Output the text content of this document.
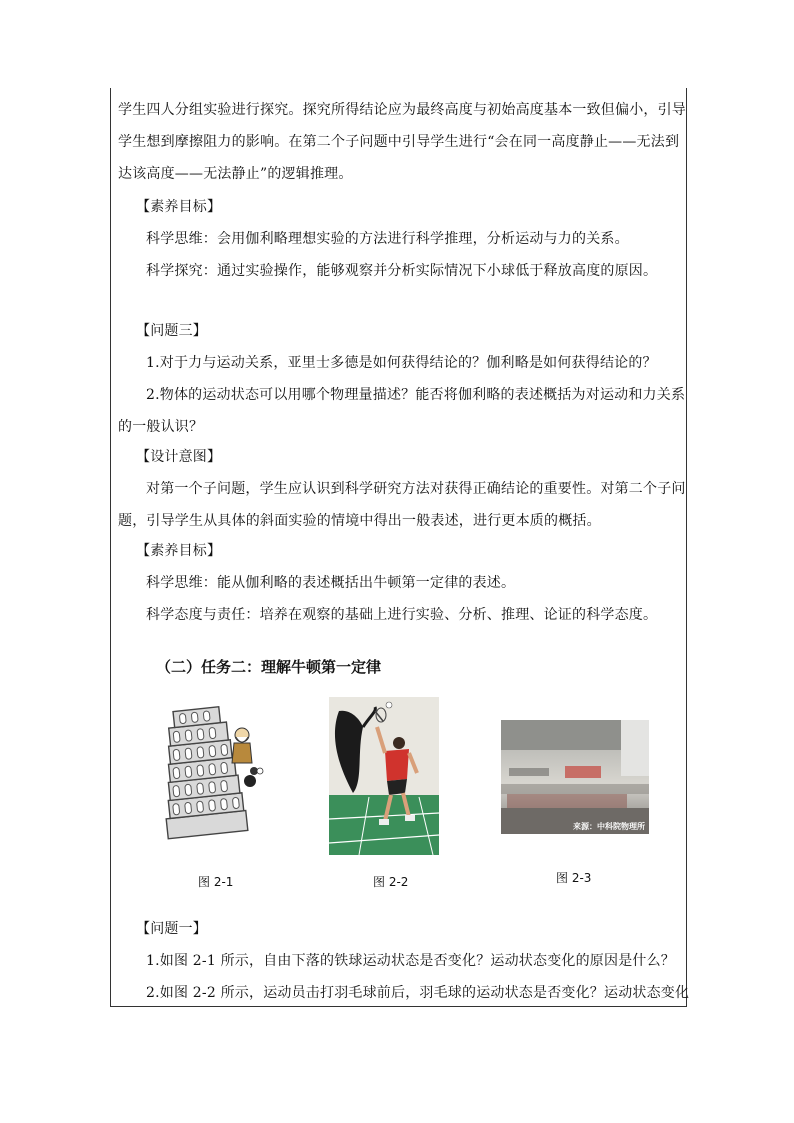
学生四人分组实验进行探究。探究所得结论应为最终高度与初始高度基本一致但偏小，引导
学生想到摩擦阻力的影响。在第二个子问题中引导学生进行“会在同一高度静止——无法到
达该高度——无法静止”的逻辑推理。
【素养目标】
科学思维：会用伽利略理想实验的方法进行科学推理，分析运动与力的关系。
科学探究：通过实验操作，能够观察并分析实际情况下小球低于释放高度的原因。
【问题三】
1.对于力与运动关系，亚里士多德是如何获得结论的？伽利略是如何获得结论的？
2.物体的运动状态可以用哪个物理量描述？能否将伽利略的表述概括为对运动和力关系
的一般认识？
【设计意图】
对第一个子问题，学生应认识到科学研究方法对获得正确结论的重要性。对第二个子问
题，引导学生从具体的斜面实验的情境中得出一般表述，进行更本质的概括。
【素养目标】
科学思维：能从伽利略的表述概括出牛顿第一定律的表述。
科学态度与责任：培养在观察的基础上进行实验、分析、推理、论证的科学态度。
（二）任务二：理解牛顿第一定律
来源：中科院物理所
图 2-1	图 2-2	图 2-3
【问题一】
1.如图 2-1 所示，自由下落的铁球运动状态是否变化？运动状态变化的原因是什么？
2.如图 2-2 所示，运动员击打羽毛球前后，羽毛球的运动状态是否变化？运动状态变化
